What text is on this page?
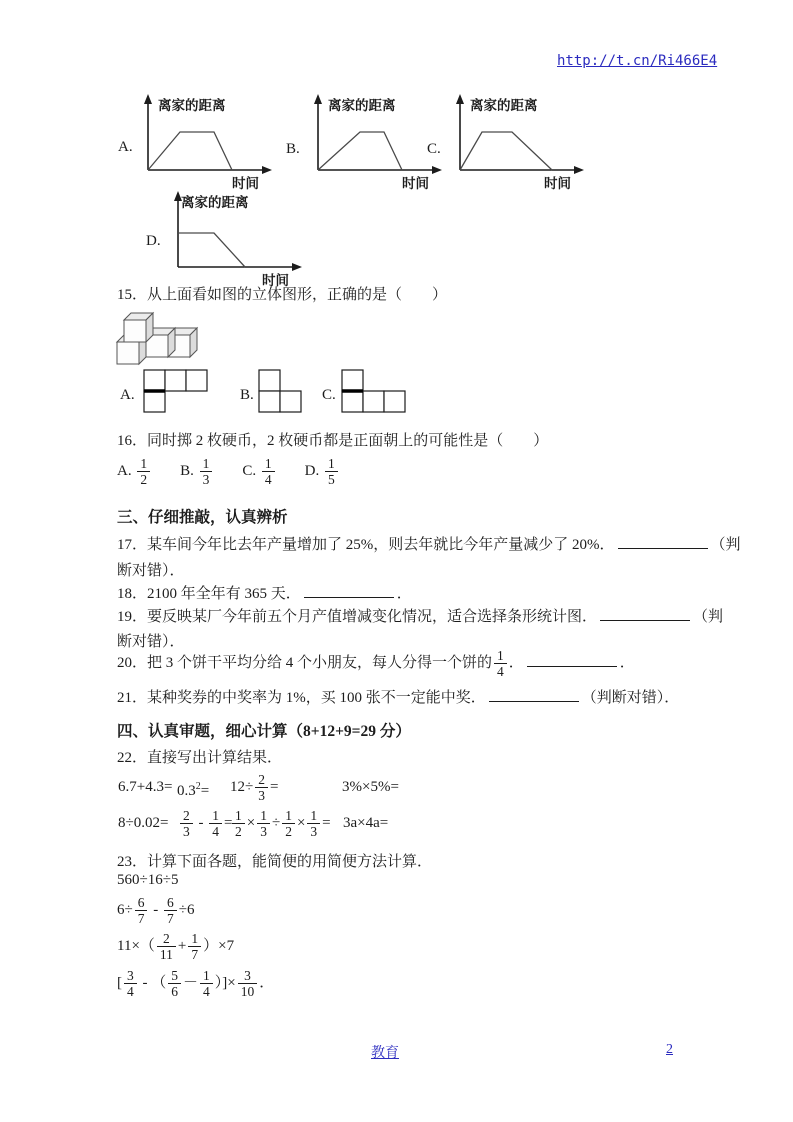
http://t.cn/Ri466E4
A.
离家的距离
时间
B.
离家的距离
时间
C.
离家的距离
时间
D.
离家的距离
时间
15．从上面看如图的立体图形，正确的是（　　）
A.	B.	C.
16．同时掷 2 枚硬币，2 枚硬币都是正面朝上的可能性是（　　）
A. $\frac{1}{2} B$. $\frac{1}{3} C$. $\frac{1}{4} D$. $\frac{1}{5}$
三、仔细推敲，认真辨析
17．某车间今年比去年产量增加了 25%，则去年就比今年产量减少了 20%．	（判
断对错）．
18．2100 年全年有 365 天．	．
19．要反映某厂今年前五个月产值增减变化情况，适合选择条形统计图．	（判
断对错）．
20．把 3 个饼干平均分给 4 个小朋友，每人分得一个饼的 $\frac{1}{4}$ ．	．
21．某种奖券的中奖率为 1%，买 100 张不一定能中奖．	（判断对错）．
四、认真审题，细心计算（8+12+9=29 分）
22．直接写出计算结果．
$6.7+4.3= 0.3^2= 12\div \frac{2}{3}$ =	3%×5%=
$8\div 0.02= \frac{2}{3} - \frac{1}{4} = \frac{1}{2} \times \frac{1}{3} \div \frac{1}{2} \times \frac{1}{3} = 3a\times 4a=$
23．计算下面各题，能简便的用简便方法计算．
560÷16÷5
$6\div \frac{6}{7} - \frac{6}{7} \div 6$
$11\times( \frac{2}{11} + \frac{1}{7} )\times 7$
[ $\frac{3}{4}$ - （ $\frac{5}{6} - \frac{1}{4}$ ）]× $\frac{3}{10}$ ．
教育	2
